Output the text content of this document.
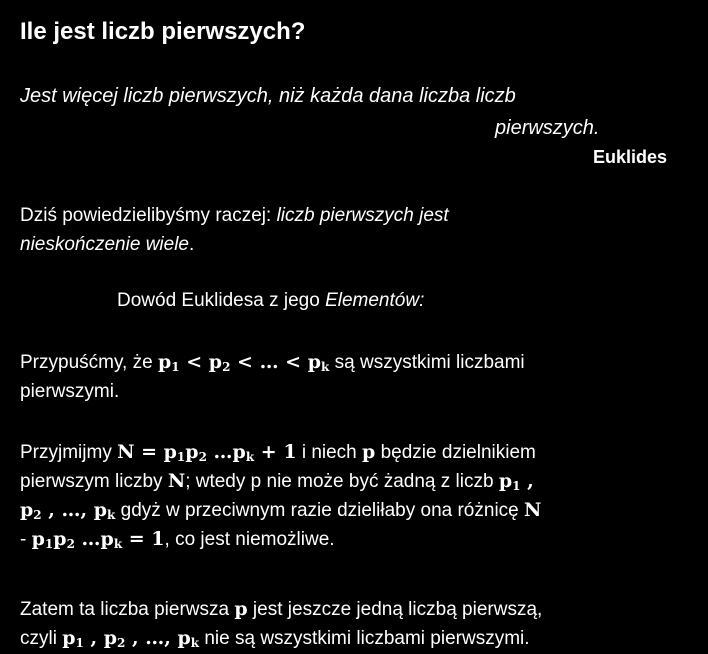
Ile jest liczb pierwszych?
Jest więcej liczb pierwszych, niż każda dana liczba liczb
pierwszych.
Euklides
Dziś powiedzielibyśmy raczej: liczb pierwszych jest
nieskończenie wiele.
Dowód Euklidesa z jego Elementów:
Przypuśćmy, że $p_1 < p_2$ < … < $p_k$ są wszystkimi liczbami
pierwszymi.
Przyjmijmy $N = p_1p_2$ $\dots p_k + 1$ i niech p będzie dzielnikiem
pierwszym liczby N; wtedy p nie może być żadną z liczb $p_1$ ,
$p_2$ , …, $p_k$ gdyż w przeciwnym razie dzieliłaby ona różnicę N
- $p_1p_2$ $\dots p_k = 1$, co jest niemożliwe.
Zatem ta liczba pierwsza p jest jeszcze jedną liczbą pierwszą,
czyli $p_1$ , $p_2$ , …, $p_k$ nie są wszystkimi liczbami pierwszymi.
